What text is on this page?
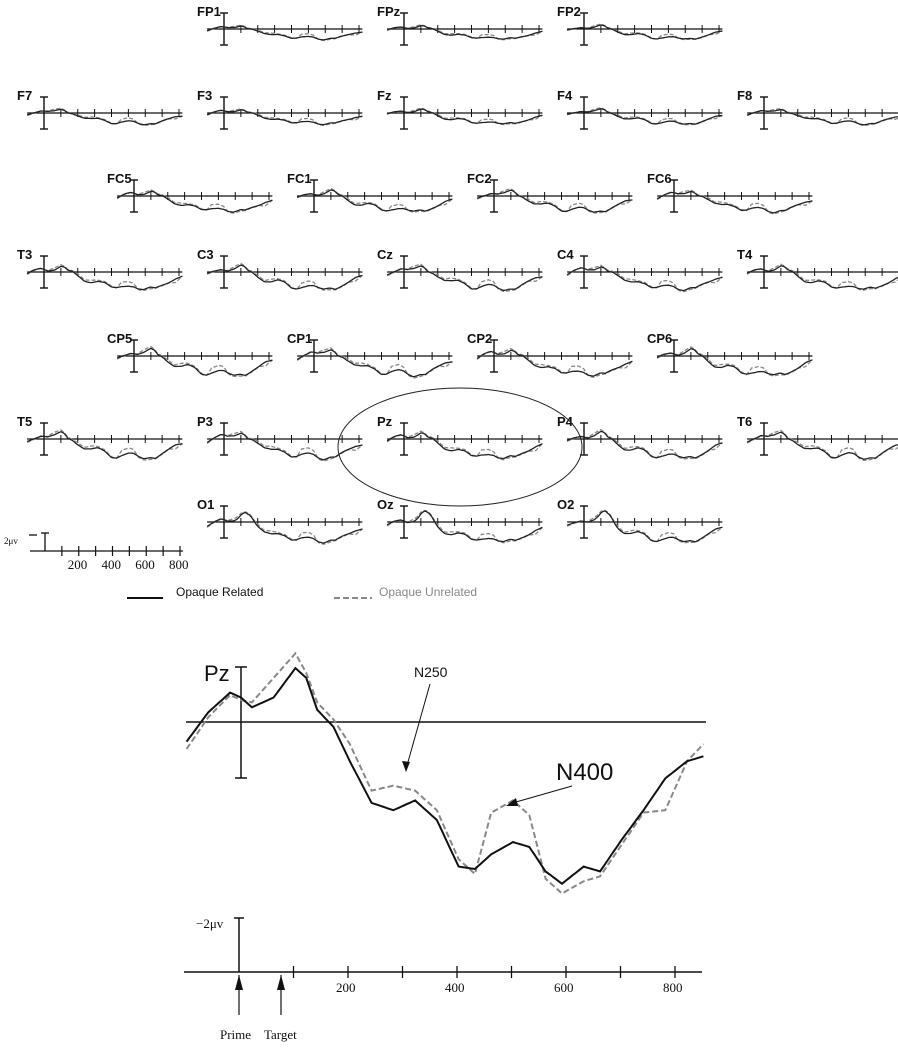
FP1	FPz	FP2
F7	F3	Fz	F4	F8
FC5	FC1	FC2	FC6
T3	C3	Cz	C4	T4
CP5	CP1	CP2	CP6
T5	P3	Pz	P4	T6
O1	Oz	O2
2μv
200 400 600 800
Opaque Related	Opaque Unrelated
Pz	N250
N400
−2μv
200	400	600	800
Prime Target
